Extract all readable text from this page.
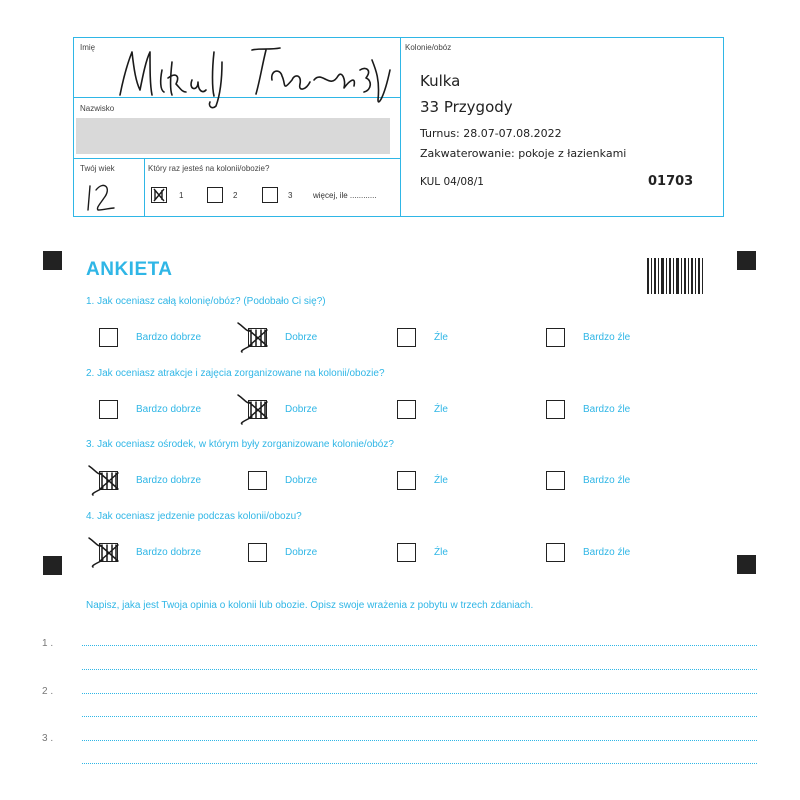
Imię
Nazwisko
Twój wiek	Który raz jesteś na kolonii/obozie?
1	2	3	więcej, ile ............
Kolonie/obóz
Kulka
33 Przygody
Turnus: 28.07-07.08.2022
Zakwaterowanie: pokoje z łazienkami
KUL 04/08/1	01703
ANKIETA
1. Jak oceniasz całą kolonię/obóz? (Podobało Ci się?)
Bardzo dobrze	Dobrze	Źle	Bardzo źle
2. Jak oceniasz atrakcje i zajęcia zorganizowane na kolonii/obozie?
Bardzo dobrze	Dobrze	Źle	Bardzo źle
3. Jak oceniasz ośrodek, w którym były zorganizowane kolonie/obóz?
Bardzo dobrze	Dobrze	Źle	Bardzo źle
4. Jak oceniasz jedzenie podczas kolonii/obozu?
Bardzo dobrze	Dobrze	Źle	Bardzo źle
Napisz, jaka jest Twoja opinia o kolonii lub obozie. Opisz swoje wrażenia z pobytu w trzech zdaniach.
1 .
2 .
3 .
